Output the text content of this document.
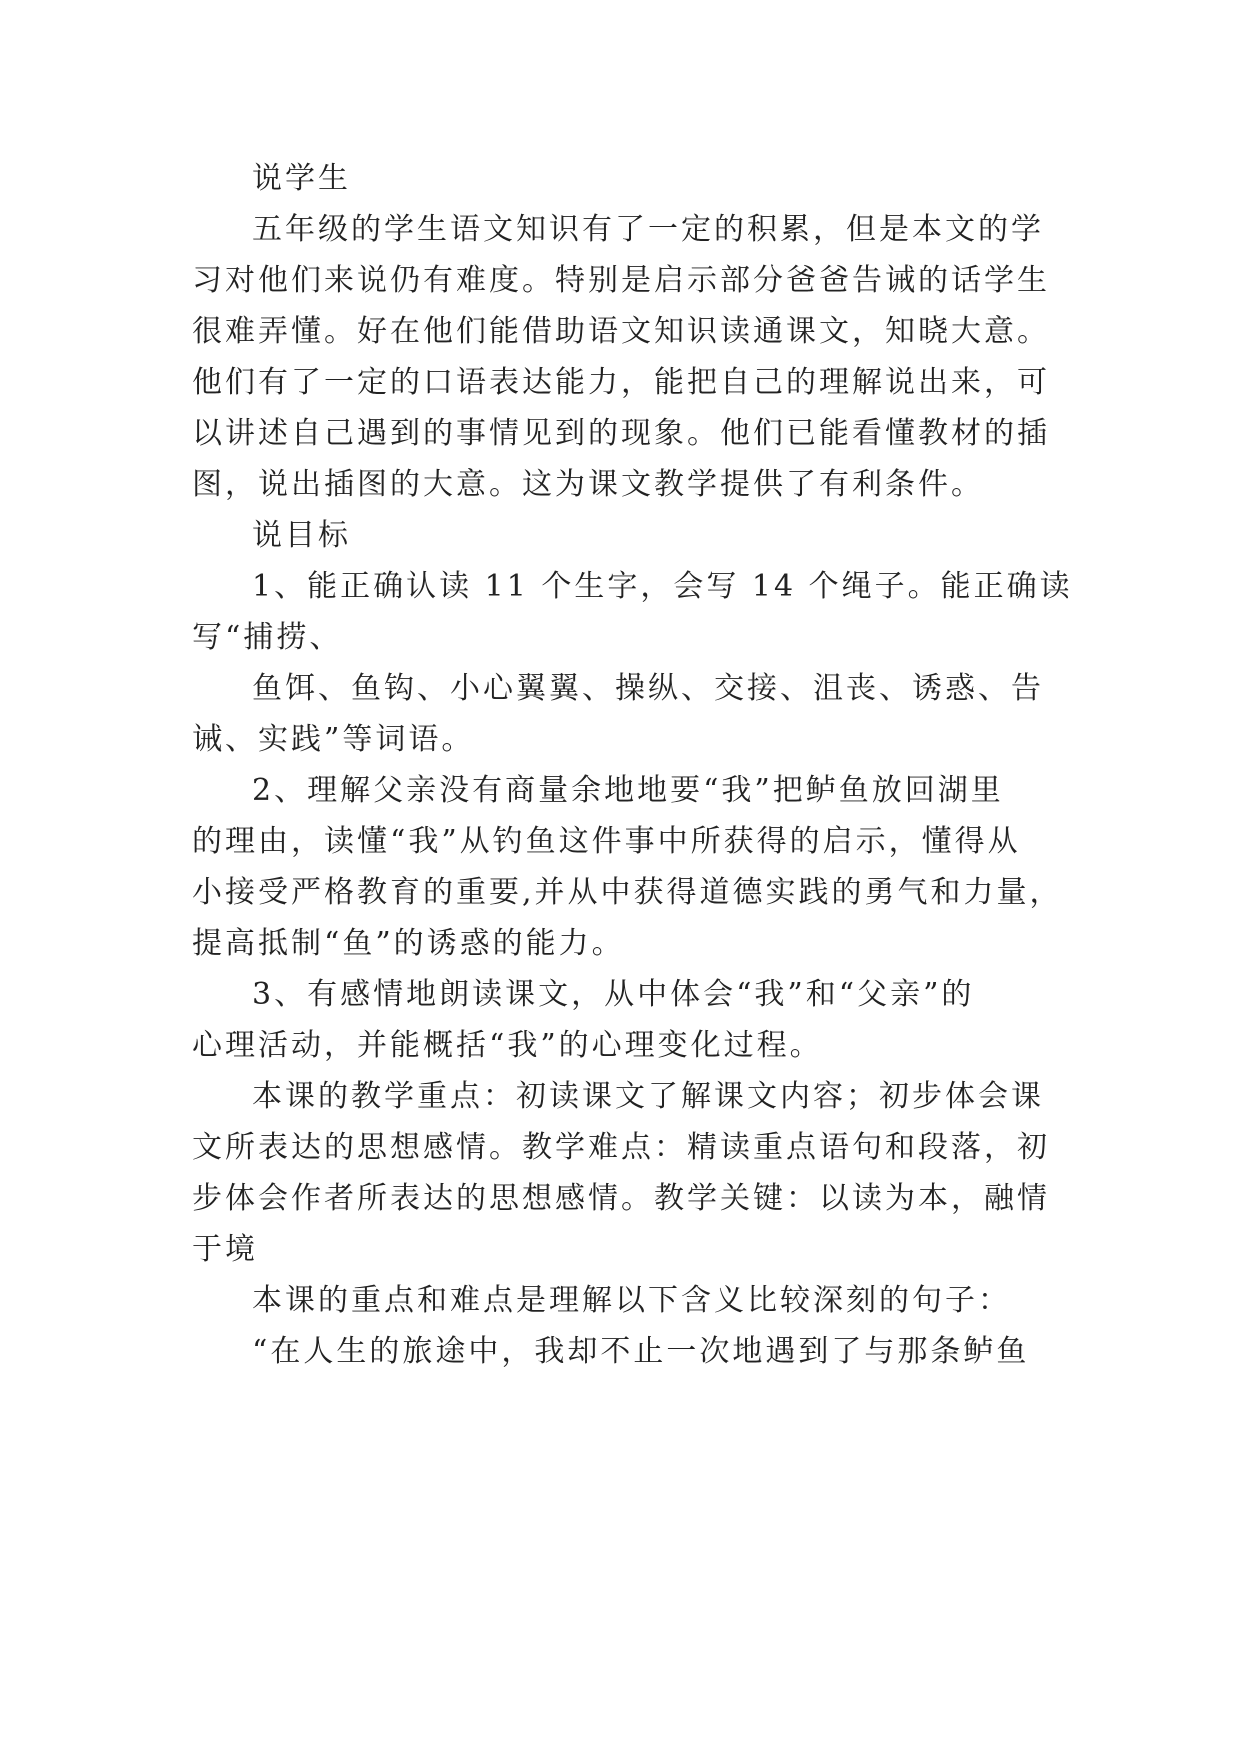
说学生
五年级的学生语文知识有了一定的积累，但是本文的学
习对他们来说仍有难度。特别是启示部分爸爸告诫的话学生
很难弄懂。好在他们能借助语文知识读通课文，知晓大意。
他们有了一定的口语表达能力，能把自己的理解说出来，可
以讲述自己遇到的事情见到的现象。他们已能看懂教材的插
图，说出插图的大意。这为课文教学提供了有利条件。
说目标
1、能正确认读 11 个生字，会写 14 个绳子。能正确读
写“捕捞、
鱼饵、鱼钩、小心翼翼、操纵、交接、沮丧、诱惑、告
诫、实践”等词语。
2、理解父亲没有商量余地地要“我”把鲈鱼放回湖里
的理由，读懂“我”从钓鱼这件事中所获得的启示，懂得从
小接受严格教育的重要,并从中获得道德实践的勇气和力量，
提高抵制“鱼”的诱惑的能力。
3、有感情地朗读课文，从中体会“我”和“父亲”的
心理活动，并能概括“我”的心理变化过程。
本课的教学重点：初读课文了解课文内容；初步体会课
文所表达的思想感情。教学难点：精读重点语句和段落，初
步体会作者所表达的思想感情。教学关键：以读为本，融情
于境
本课的重点和难点是理解以下含义比较深刻的句子：
“在人生的旅途中，我却不止一次地遇到了与那条鲈鱼
